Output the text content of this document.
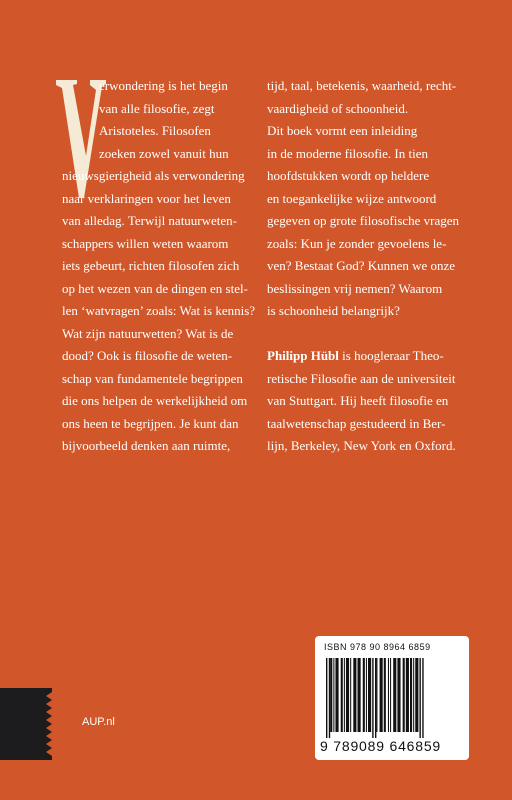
erwondering is het begin
van alle filosofie, zegt
Aristoteles. Filosofen
zoeken zowel vanuit hun
nieuwsgierigheid als verwondering
naar verklaringen voor het leven
van alledag. Terwijl natuurweten-
schappers willen weten waarom
iets gebeurt, richten filosofen zich
op het wezen van de dingen en stel-
len ‘watvragen’ zoals: Wat is kennis?
Wat zijn natuurwetten? Wat is de
dood? Ook is filosofie de weten-
schap van fundamentele begrippen
die ons helpen de werkelijkheid om
ons heen te begrijpen. Je kunt dan
bijvoorbeeld denken aan ruimte,
tijd, taal, betekenis, waarheid, recht-
vaardigheid of schoonheid.
Dit boek vormt een inleiding
in de moderne filosofie. In tien
hoofdstukken wordt op heldere
en toegankelijke wijze antwoord
gegeven op grote filosofische vragen
zoals: Kun je zonder gevoelens le-
ven? Bestaat God? Kunnen we onze
beslissingen vrij nemen? Waarom
is schoonheid belangrijk?
Philipp Hübl is hoogleraar Theo-
retische Filosofie aan de universiteit
van Stuttgart. Hij heeft filosofie en
taalwetenschap gestudeerd in Ber-
lijn, Berkeley, New York en Oxford.
AUP.nl
ISBN 978 90 8964 6859
9 789089 646859
